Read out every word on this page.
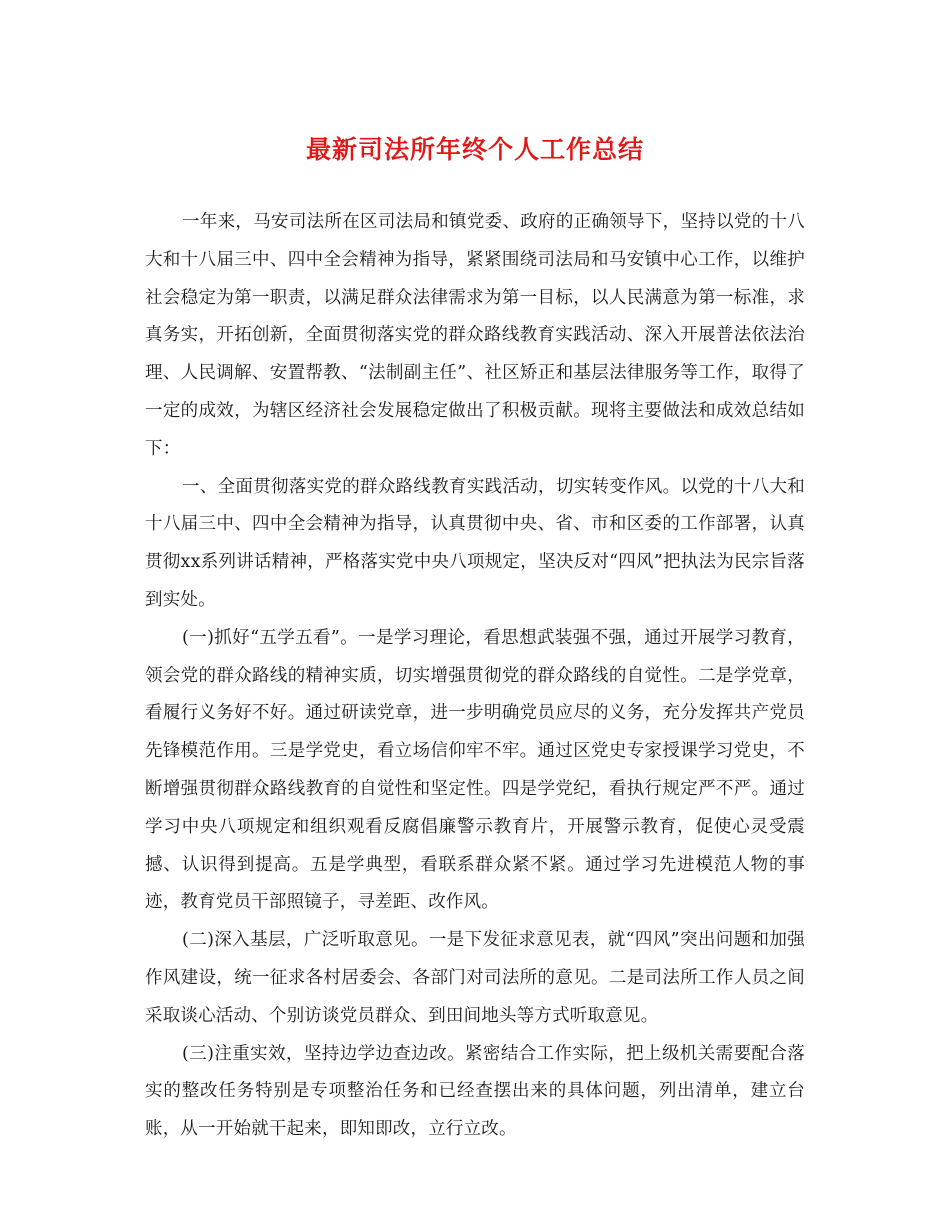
最新司法所年终个人工作总结

一年来，马安司法所在区司法局和镇党委、政府的正确领导下，坚持以党的十八大和十八届三中、四中全会精神为指导，紧紧围绕司法局和马安镇中心工作，以维护社会稳定为第一职责，以满足群众法律需求为第一目标，以人民满意为第一标准，求真务实，开拓创新，全面贯彻落实党的群众路线教育实践活动、深入开展普法依法治理、人民调解、安置帮教、“法制副主任”、社区矫正和基层法律服务等工作，取得了一定的成效，为辖区经济社会发展稳定做出了积极贡献。现将主要做法和成效总结如下：

一、全面贯彻落实党的群众路线教育实践活动，切实转变作风。以党的十八大和十八届三中、四中全会精神为指导，认真贯彻中央、省、市和区委的工作部署，认真贯彻xx系列讲话精神，严格落实党中央八项规定，坚决反对“四风”把执法为民宗旨落到实处。

(一)抓好“五学五看”。一是学习理论，看思想武装强不强，通过开展学习教育，领会党的群众路线的精神实质，切实增强贯彻党的群众路线的自觉性。二是学党章，看履行义务好不好。通过研读党章，进一步明确党员应尽的义务，充分发挥共产党员先锋模范作用。三是学党史，看立场信仰牢不牢。通过区党史专家授课学习党史，不断增强贯彻群众路线教育的自觉性和坚定性。四是学党纪，看执行规定严不严。通过学习中央八项规定和组织观看反腐倡廉警示教育片，开展警示教育，促使心灵受震撼、认识得到提高。五是学典型，看联系群众紧不紧。通过学习先进模范人物的事迹，教育党员干部照镜子，寻差距、改作风。

(二)深入基层，广泛听取意见。一是下发征求意见表，就“四风”突出问题和加强作风建设，统一征求各村居委会、各部门对司法所的意见。二是司法所工作人员之间采取谈心活动、个别访谈党员群众、到田间地头等方式听取意见。

(三)注重实效，坚持边学边查边改。紧密结合工作实际，把上级机关需要配合落实的整改任务特别是专项整治任务和已经查摆出来的具体问题，列出清单，建立台账，从一开始就干起来，即知即改，立行立改。
